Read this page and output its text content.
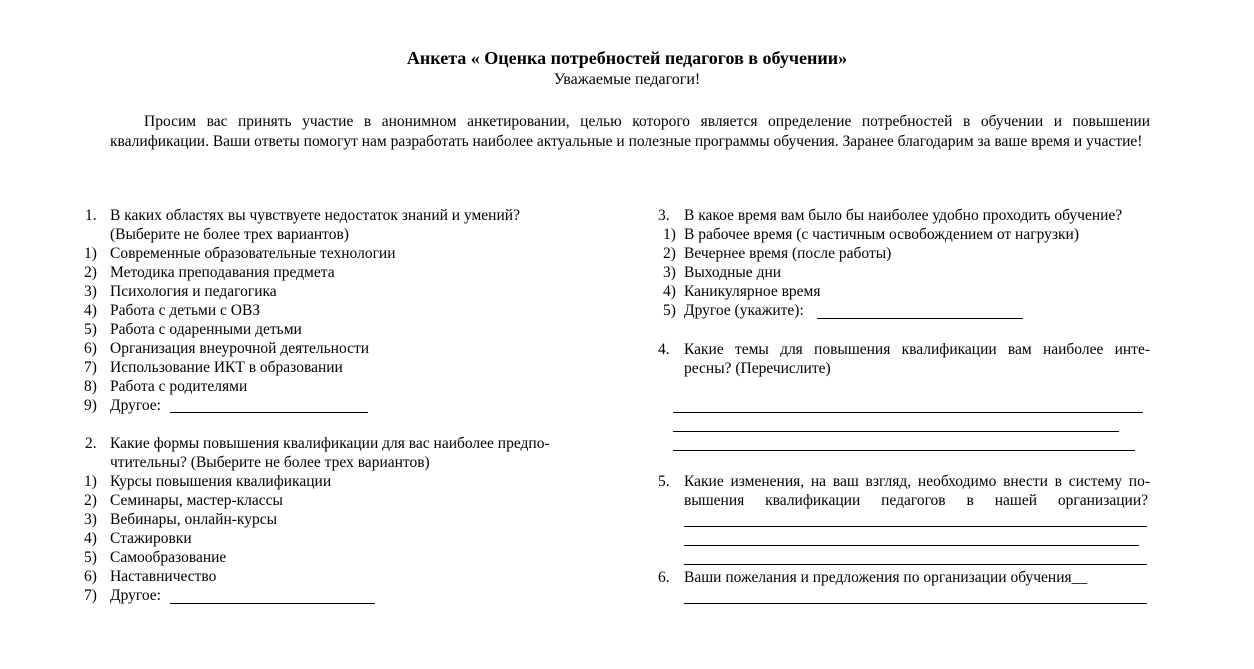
Анкета « Оценка потребностей педагогов в обучении»
Уважаемые педагоги!
Просим вас принять участие в анонимном анкетировании, целью которого является определение потребностей в обучении и повышении квалификации. Ваши ответы помогут нам разработать наиболее актуальные и полезные программы обучения. Заранее благодарим за ваше время и участие!
1. В каких областях вы чувствуете недостаток знаний и умений?
(Выберите не более трех вариантов)
1) Современные образовательные технологии
2) Методика преподавания предмета
3) Психология и педагогика
4) Работа с детьми с ОВЗ
5) Работа с одаренными детьми
6) Организация внеурочной деятельности
7) Использование ИКТ в образовании
8) Работа с родителями
9) Другое:
2. Какие формы повышения квалификации для вас наиболее предпо-
чтительны? (Выберите не более трех вариантов)
1) Курсы повышения квалификации
2) Семинары, мастер-классы
3) Вебинары, онлайн-курсы
4) Стажировки
5) Самообразование
6) Наставничество
7) Другое:
3. В какое время вам было бы наиболее удобно проходить обучение?
1) В рабочее время (с частичным освобождением от нагрузки)
2) Вечернее время (после работы)
3) Выходные дни
4) Каникулярное время
5) Другое (укажите):
4. Какие темы для повышения квалификации вам наиболее инте-
ресны? (Перечислите)
5. Какие изменения, на ваш взгляд, необходимо внести в систему по-
вышения квалификации педагогов в нашей организации?
6. Ваши пожелания и предложения по организации обучения__
